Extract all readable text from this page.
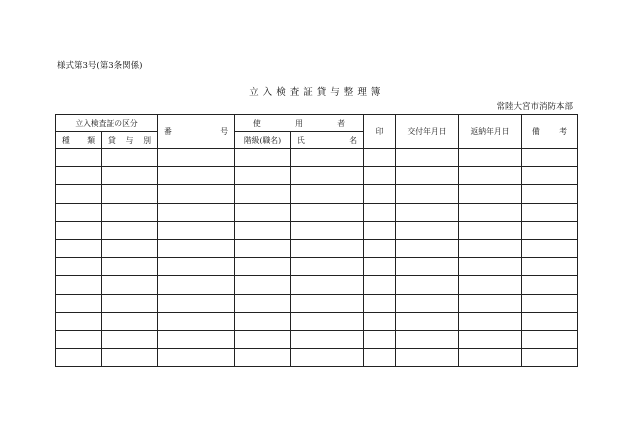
様式第3号(第3条関係)
立 入 検 査 証 貸 与 整 理 簿
常陸大宮市消防本部
立入検査証の区分		番 号	使 用 者		印	交付年月日	返納年月日	備 考

種 類	貸 与 別		階級(職名)	氏 名				
